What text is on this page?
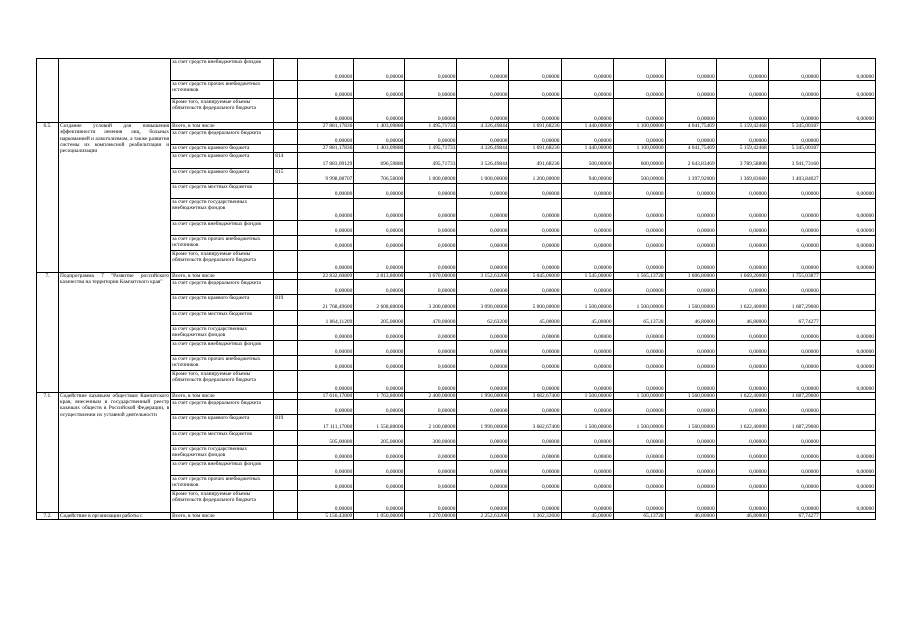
		за счет средств внебюджетных фондов		0,00000	0,00000	0,00000	0,00000	0,00000	0,00000	0,00000	0,00000	0,00000	0,00000	0,00000
		за счет средств прочих внебюджетных источников		0,00000	0,00000	0,00000	0,00000	0,00000	0,00000	0,00000	0,00000	0,00000	0,00000	0,00000
		Кроме того, планируемые объемы обязательств федерального бюджета		0,00000	0,00000	0,00000	0,00000	0,00000	0,00000	0,00000	0,00000	0,00000	0,00000	0,00000
6.5.	Создание условий для повышения эффективности лечения лиц, больных наркоманией и алкоголизмом, а также развития системы их комплексной реабилитации и ресоциализации	Всего, в том числе		27 881,17836	1 403,09880	1 495,71733	4 326,49844	1 691,68236	1 440,00000	1 100,00000	4 041,75469	5 159,42468	5 345,00187	
		за счет средств федерального бюджета		0,00000	0,00000	0,00000	0,00000	0,00000	0,00000	0,00000	0,00000	0,00000	0,00000	
		за счет средств краевого бюджета		27 881,17836	1 403,09880	1 495,71733	4 326,49844	1 691,68236	1 440,00000	1 100,00000	4 041,75469	5 159,42468	5 345,00187	
		за счет средств краевого бюджета	814	17 883,09129	696,59880	495,71733	3 526,49844	491,68236	500,00000	600,00000	2 643,83469	3 789,58808	3 941,73160	
		за счет средств краевого бюджета	815	9 998,08707	706,50000	1 000,00000	1 000,00000	1 200,00000	940,00000	500,00000	1 397,92000	1 369,83680	1 403,84027	
		за счет средств местных бюджетов		0,00000	0,00000	0,00000	0,00000	0,00000	0,00000	0,00000	0,00000	0,00000	0,00000	0,00000
		за счет средств государственных внебюджетных фондов		0,00000	0,00000	0,00000	0,00000	0,00000	0,00000	0,00000	0,00000	0,00000	0,00000	0,00000
		за счет средств внебюджетных фондов		0,00000	0,00000	0,00000	0,00000	0,00000	0,00000	0,00000	0,00000	0,00000	0,00000	0,00000
		за счет средств прочих внебюджетных источников		0,00000	0,00000	0,00000	0,00000	0,00000	0,00000	0,00000	0,00000	0,00000	0,00000	0,00000
		Кроме того, планируемые объемы обязательств федерального бюджета		0,00000	0,00000	0,00000	0,00000	0,00000	0,00000	0,00000	0,00000	0,00000	0,00000	0,00000
7.	Подпрограмма 7 "Развитие российского казачества на территории Камчатского края"	Всего, в том числе		22 832,60809	2 813,80000	3 670,00000	3 152,63200	5 045,00000	1 545,00000	1 565,13728	1 606,80000	1 669,20000	1 755,03877	
		за счет средств федерального бюджета		0,00000	0,00000	0,00000	0,00000	0,00000	0,00000	0,00000	0,00000	0,00000	0,00000	
		за счет средств краевого бюджета	819	21 768,49600	2 608,80000	3 200,00000	3 090,00000	5 000,00000	1 500,00000	1 500,00000	1 560,00000	1 622,40000	1 687,29600	
		за счет средств местных бюджетов		1 064,11209	205,00000	470,00000	62,63200	45,00000	45,00000	65,13728	46,80000	46,80000	67,74277	
		за счет средств государственных внебюджетных фондов		0,00000	0,00000	0,00000	0,00000	0,00000	0,00000	0,00000	0,00000	0,00000	0,00000	0,00000
		за счет средств внебюджетных фондов		0,00000	0,00000	0,00000	0,00000	0,00000	0,00000	0,00000	0,00000	0,00000	0,00000	0,00000
		за счет средств прочих внебюджетных источников		0,00000	0,00000	0,00000	0,00000	0,00000	0,00000	0,00000	0,00000	0,00000	0,00000	0,00000
		Кроме того, планируемые объемы обязательств федерального бюджета		0,00000	0,00000	0,00000	0,00000	0,00000	0,00000	0,00000	0,00000	0,00000	0,00000	0,00000
7.1.	Содействие казачьим обществам Камчатского края, внесенным в государственный реестр казачьих обществ в Российской Федерации, в осуществлении их уставной деятельности	Всего, в том числе		17 616,17000	1 763,80000	2 400,00000	1 990,00000	3 682,67400	1 500,00000	1 500,00000	1 560,00000	1 622,40000	1 687,29600	
		за счет средств федерального бюджета		0,00000	0,00000	0,00000	0,00000	0,00000	0,00000	0,00000	0,00000	0,00000	0,00000	
		за счет средств краевого бюджета	819	17 111,17000	1 558,80000	2 100,00000	1 990,00000	3 682,67400	1 500,00000	1 500,00000	1 560,00000	1 622,40000	1 687,29600	
		за счет средств местных бюджетов		505,00000	205,00000	300,00000	0,00000	0,00000	0,00000	0,00000	0,00000	0,00000	0,00000	
		за счет средств государственных внебюджетных фондов		0,00000	0,00000	0,00000	0,00000	0,00000	0,00000	0,00000	0,00000	0,00000	0,00000	0,00000
		за счет средств внебюджетных фондов		0,00000	0,00000	0,00000	0,00000	0,00000	0,00000	0,00000	0,00000	0,00000	0,00000	0,00000
		за счет средств прочих внебюджетных источников		0,00000	0,00000	0,00000	0,00000	0,00000	0,00000	0,00000	0,00000	0,00000	0,00000	0,00000
		Кроме того, планируемые объемы обязательств федерального бюджета		0,00000	0,00000	0,00000	0,00000	0,00000	0,00000	0,00000	0,00000	0,00000	0,00000	0,00000
7.2.	Содействие в организации работы с	Всего, в том числе		5 156,43809	1 050,00000	1 270,00000	2 252,63200	1 362,32600	45,00000	65,13728	46,80000	46,80000	67,74277	
